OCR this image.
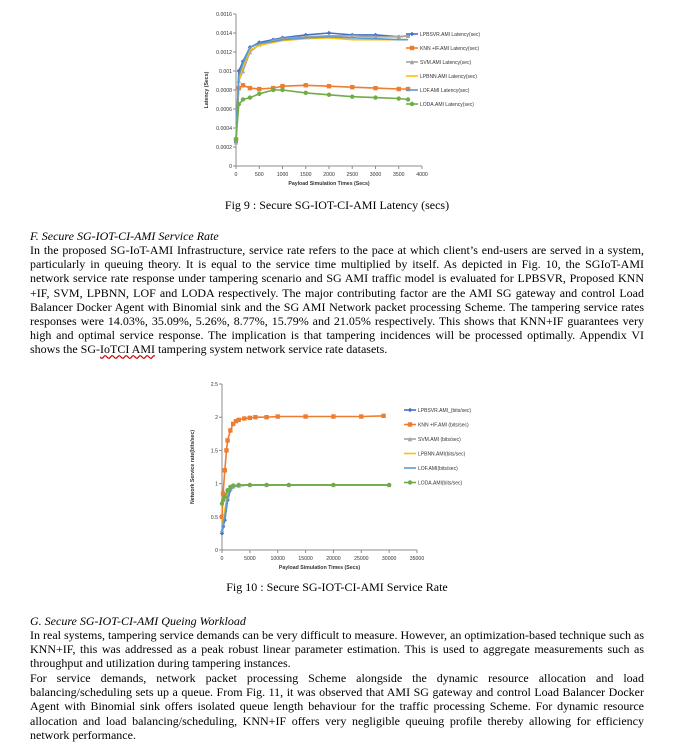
0
0.0002
0.0004
0.0006
0.0008
0.001
0.0012
0.0014
0.0016
0	500	1000 1500 2000 2500 3000 3500 4000
Payload Simulation Times (Secs)
Latency (Secs)
LPBSVR.AMI Latency(sec)
KNN +IF.AMI Latency(sec)
SVM.AMI Latency(sec)
LPBNN.AMI Latency(sec)
LOF.AMI Latency(sec)
LODA.AMI Latency(sec)
Fig 9 : Secure SG-IOT-CI-AMI Latency (secs)
F. Secure SG-IOT-CI-AMI Service Rate

In the proposed SG-IoT-AMI Infrastructure, service rate refers to the pace at which client’s end-users are served in a system, particularly in queuing theory. It is equal to the service time multiplied by itself. As depicted in Fig. 10, the SGIoT-AMI network service rate response under tampering scenario and SG AMI traffic model is evaluated for LPBSVR, Proposed KNN +IF, SVM, LPBNN, LOF and LODA respectively. The major contributing factor are the AMI SG gateway and control Load Balancer Docker Agent with Binomial sink and the SG AMI Network packet processing Scheme. The tampering service rates responses were 14.03%, 35.09%, 5.26%, 8.77%, 15.79% and 21.05% respectively. This shows that KNN+IF guarantees very high and optimal service response. The implication is that tampering incidences will be processed optimally. Appendix VI shows the SG-IoTCI AMI tampering system network service rate datasets.

0
0.5
1
1.5
2
2.5
0	5000	10000	15000	20000	25000	30000	35000
Payload Simulation Times (Secs)
Network Service rate(bits/sec)
LPBSVR.AMI_(bits/sec)
KNN +IF.AMI (bits/sec)
SVM.AMI (bits/sec)
LPBNN.AMI(bits/sec)
LOF.AMI(bits/sec)
LODA.AMI(bits/sec)
Fig 10 : Secure SG-IOT-CI-AMI Service Rate
G. Secure SG-IOT-CI-AMI Queing Workload

In real systems, tampering service demands can be very difficult to measure. However, an optimization-based technique such as KNN+IF, this was addressed as a peak robust linear parameter estimation. This is used to aggregate measurements such as throughput and utilization during tampering instances.

For service demands, network packet processing Scheme alongside the dynamic resource allocation and load balancing/scheduling sets up a queue. From Fig. 11, it was observed that AMI SG gateway and control Load Balancer Docker Agent with Binomial sink offers isolated queue length behaviour for the traffic processing Scheme. For dynamic resource allocation and load balancing/scheduling, KNN+IF offers very negligible queuing profile thereby allowing for efficiency network performance.
